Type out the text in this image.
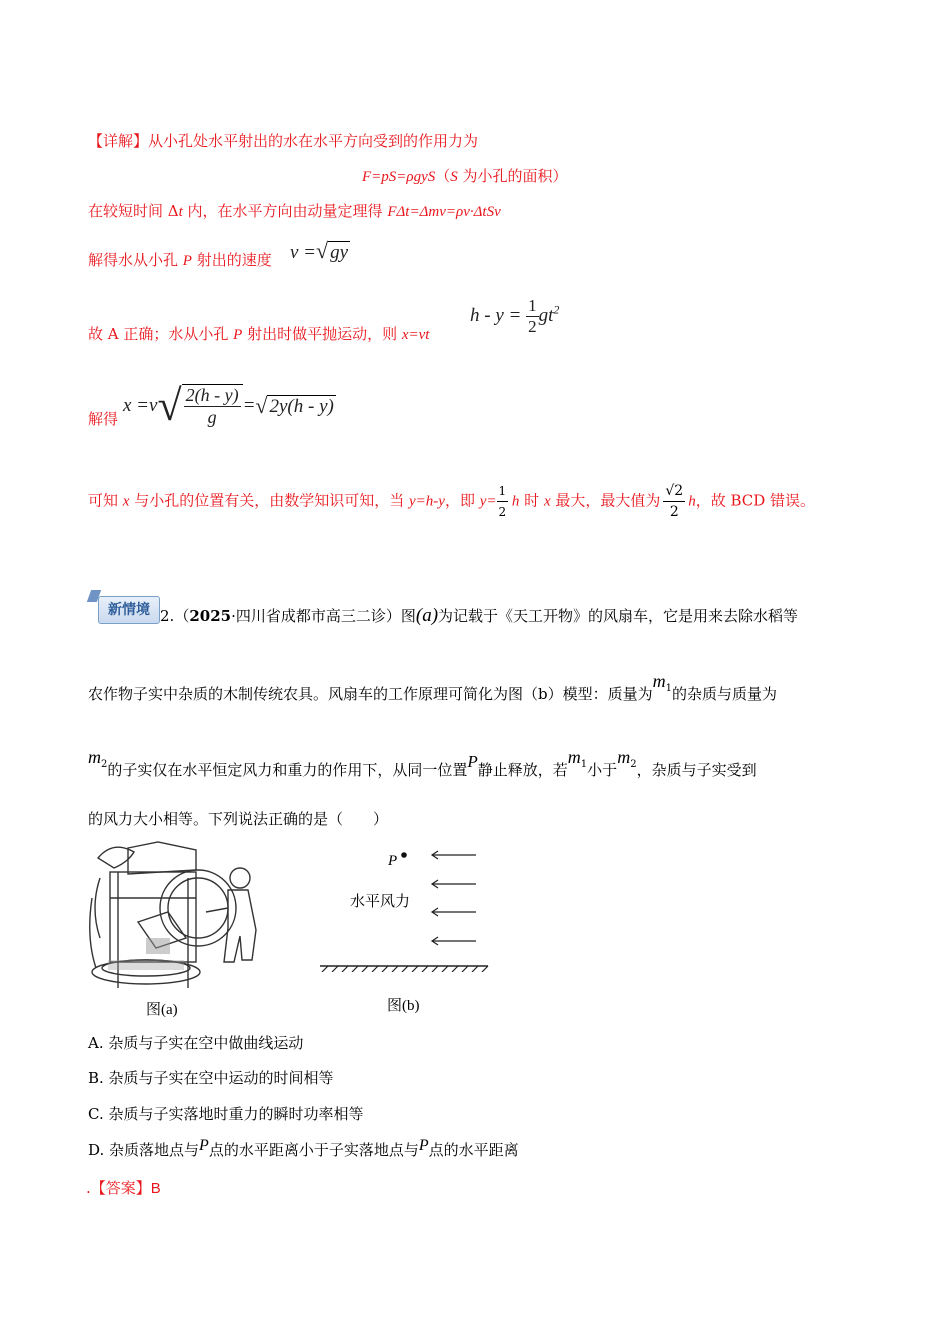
【详解】从小孔处水平射出的水在水平方向受到的作用力为
F=pS=ρgyS（S 为小孔的面积）
在较短时间 Δt 内，在水平方向由动量定理得 FΔt=Δmv=ρv·ΔtSv
解得水从小孔 P 射出的速度 v =√ gy
故 A 正确；水从小孔 P 射出时做平抛运动，则 x=vt
$h - y = \frac{1}{2} gt^2$
解得
$x =v√ \frac{2(h - y)}{g}$ =√ 2y(h - y)
可知 x 与小孔的位置有关，由数学知识可知，当 y=h-y，即 $y= \frac{1}{2}$ h 时 x 最大，最大值为 $\frac{√2}{2}$ h，故 BCD 错误。
新情境 2.（2025·四川省成都市高三二诊）图(a)为记载于《天工开物》的风扇车，它是用来去除水稻等
农作物子实中杂质的木制传统农具。风扇车的工作原理可简化为图（b）模型：质量为$m_1$的杂质与质量为
$m_2$的子实仅在水平恒定风力和重力的作用下，从同一位置P静止释放，若$m_1$小于$m_2$，杂质与子实受到
的风力大小相等。下列说法正确的是（　　）
图(a)
P
水平风力
图(b)
A. 杂质与子实在空中做曲线运动
B. 杂质与子实在空中运动的时间相等
C. 杂质与子实落地时重力的瞬时功率相等
D. 杂质落地点与P点的水平距离小于子实落地点与P点的水平距离
.【答案】B
